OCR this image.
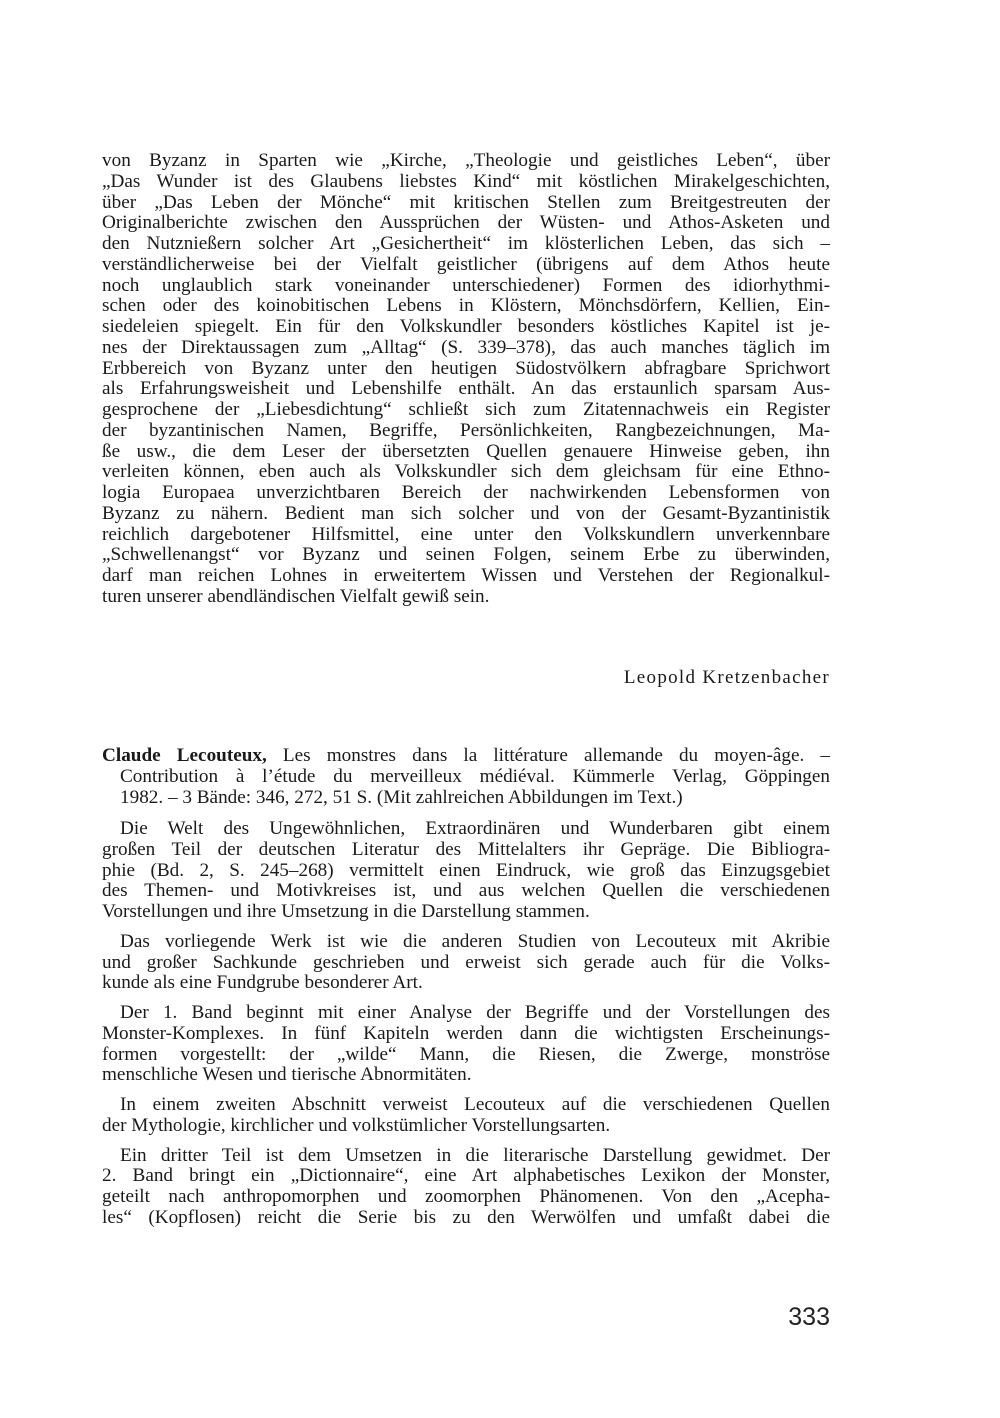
von Byzanz in Sparten wie „Kirche, „Theologie und geistliches Leben“, über
„Das Wunder ist des Glaubens liebstes Kind“ mit köstlichen Mirakelgeschichten,
über „Das Leben der Mönche“ mit kritischen Stellen zum Breitgestreuten der
Originalberichte zwischen den Aussprüchen der Wüsten- und Athos-Asketen und
den Nutznießern solcher Art „Gesichertheit“ im klösterlichen Leben, das sich –
verständlicherweise bei der Vielfalt geistlicher (übrigens auf dem Athos heute
noch unglaublich stark voneinander unterschiedener) Formen des idiorhythmi-
schen oder des koinobitischen Lebens in Klöstern, Mönchsdörfern, Kellien, Ein-
siedeleien spiegelt. Ein für den Volkskundler besonders köstliches Kapitel ist je-
nes der Direktaussagen zum „Alltag“ (S. 339–378), das auch manches täglich im
Erbbereich von Byzanz unter den heutigen Südostvölkern abfragbare Sprichwort
als Erfahrungsweisheit und Lebenshilfe enthält. An das erstaunlich sparsam Aus-
gesprochene der „Liebesdichtung“ schließt sich zum Zitatennachweis ein Register
der byzantinischen Namen, Begriffe, Persönlichkeiten, Rangbezeichnungen, Ma-
ße usw., die dem Leser der übersetzten Quellen genauere Hinweise geben, ihn
verleiten können, eben auch als Volkskundler sich dem gleichsam für eine Ethno-
logia Europaea unverzichtbaren Bereich der nachwirkenden Lebensformen von
Byzanz zu nähern. Bedient man sich solcher und von der Gesamt-Byzantinistik
reichlich dargebotener Hilfsmittel, eine unter den Volkskundlern unverkennbare
„Schwellenangst“ vor Byzanz und seinen Folgen, seinem Erbe zu überwinden,
darf man reichen Lohnes in erweitertem Wissen und Verstehen der Regionalkul-
turen unserer abendländischen Vielfalt gewiß sein.
Leopold Kretzenbacher
Claude Lecouteux, Les monstres dans la littérature allemande du moyen-âge. –
Contribution à l’étude du merveilleux médiéval. Kümmerle Verlag, Göppingen
1982. – 3 Bände: 346, 272, 51 S. (Mit zahlreichen Abbildungen im Text.)
Die Welt des Ungewöhnlichen, Extraordinären und Wunderbaren gibt einem
großen Teil der deutschen Literatur des Mittelalters ihr Gepräge. Die Bibliogra-
phie (Bd. 2, S. 245–268) vermittelt einen Eindruck, wie groß das Einzugsgebiet
des Themen- und Motivkreises ist, und aus welchen Quellen die verschiedenen
Vorstellungen und ihre Umsetzung in die Darstellung stammen.
Das vorliegende Werk ist wie die anderen Studien von Lecouteux mit Akribie
und großer Sachkunde geschrieben und erweist sich gerade auch für die Volks-
kunde als eine Fundgrube besonderer Art.
Der 1. Band beginnt mit einer Analyse der Begriffe und der Vorstellungen des
Monster-Komplexes. In fünf Kapiteln werden dann die wichtigsten Erscheinungs-
formen vorgestellt: der „wilde“ Mann, die Riesen, die Zwerge, monströse
menschliche Wesen und tierische Abnormitäten.
In einem zweiten Abschnitt verweist Lecouteux auf die verschiedenen Quellen
der Mythologie, kirchlicher und volkstümlicher Vorstellungsarten.
Ein dritter Teil ist dem Umsetzen in die literarische Darstellung gewidmet. Der
2. Band bringt ein „Dictionnaire“, eine Art alphabetisches Lexikon der Monster,
geteilt nach anthropomorphen und zoomorphen Phänomenen. Von den „Acepha-
les“ (Kopflosen) reicht die Serie bis zu den Werwölfen und umfaßt dabei die
333
